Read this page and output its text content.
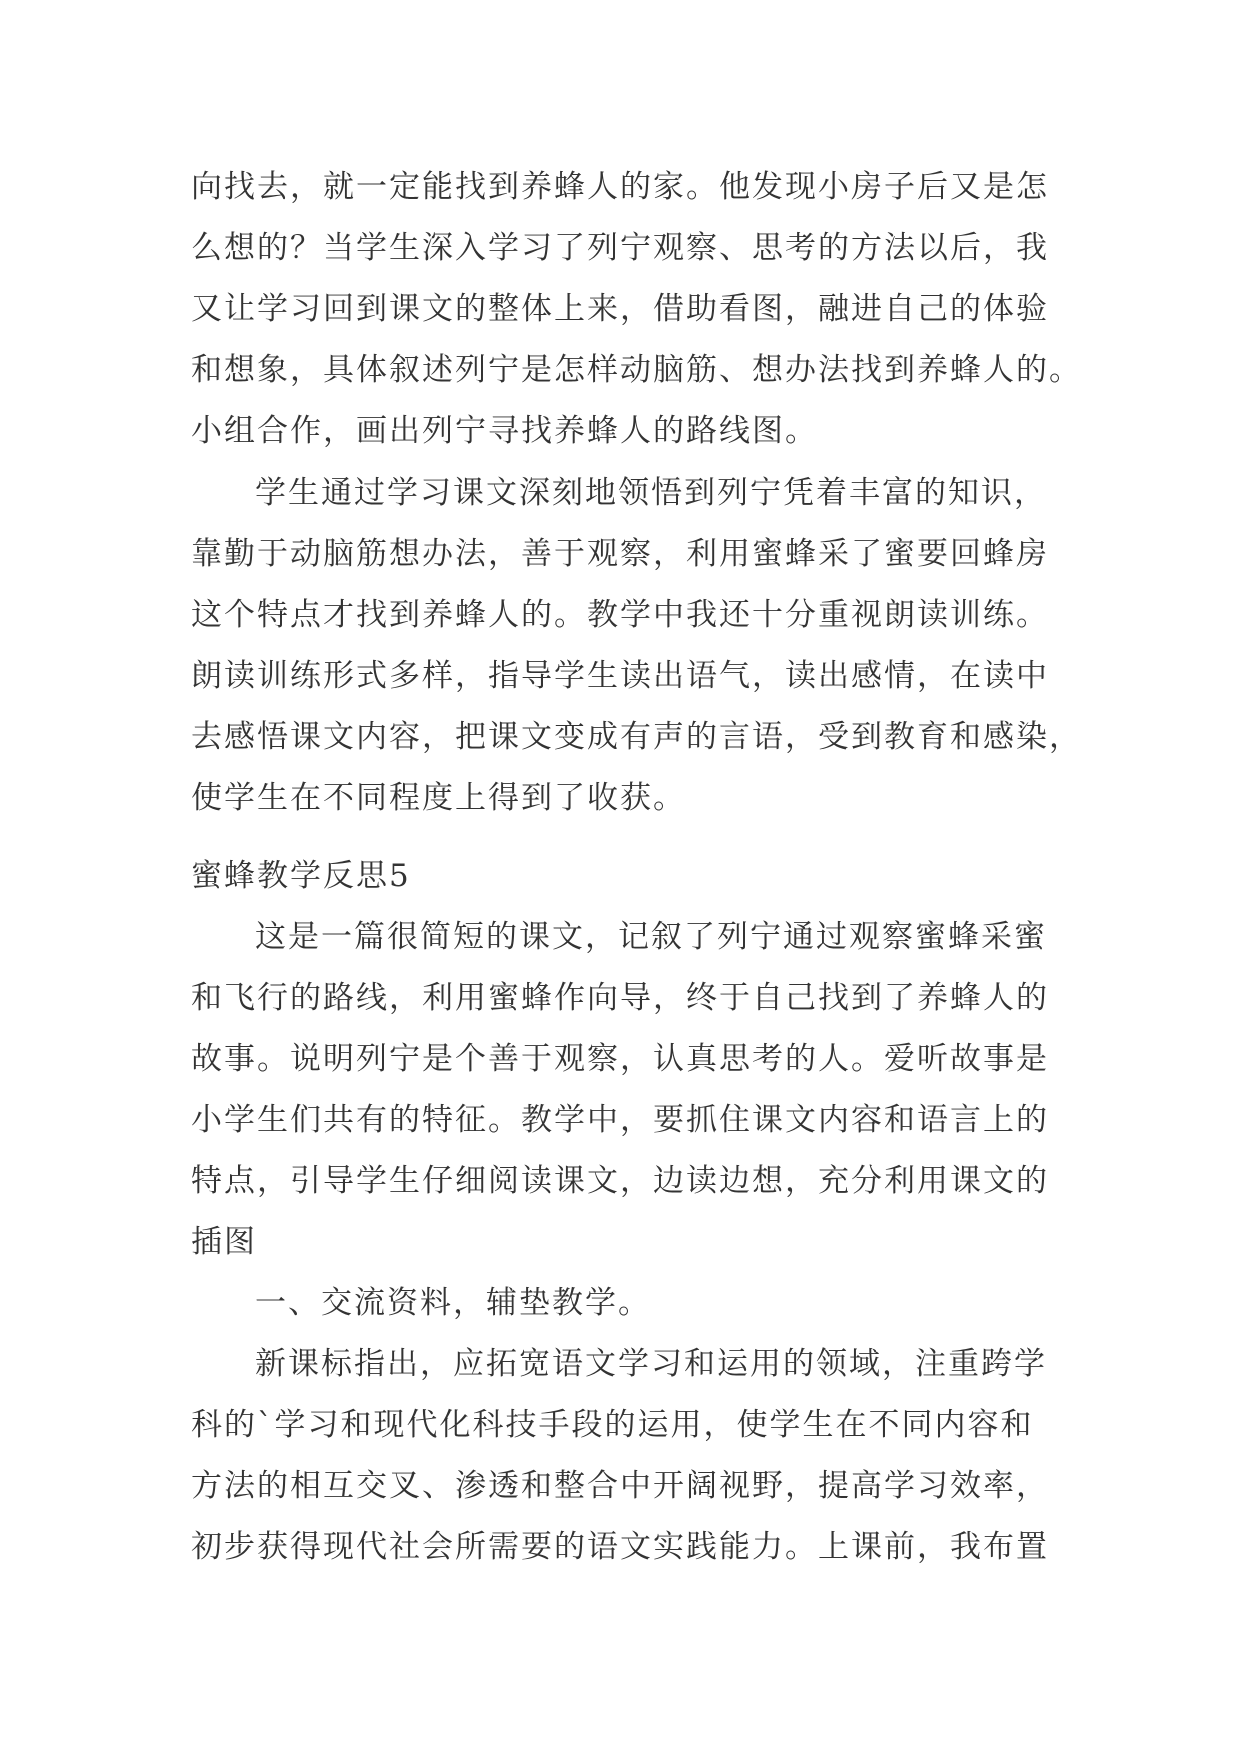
向找去，就一定能找到养蜂人的家。他发现小房子后又是怎
么想的？当学生深入学习了列宁观察、思考的方法以后，我
又让学习回到课文的整体上来，借助看图，融进自己的体验
和想象，具体叙述列宁是怎样动脑筋、想办法找到养蜂人的。
小组合作，画出列宁寻找养蜂人的路线图。
学生通过学习课文深刻地领悟到列宁凭着丰富的知识，
靠勤于动脑筋想办法，善于观察，利用蜜蜂采了蜜要回蜂房
这个特点才找到养蜂人的。教学中我还十分重视朗读训练。
朗读训练形式多样，指导学生读出语气，读出感情，在读中
去感悟课文内容，把课文变成有声的言语，受到教育和感染，
使学生在不同程度上得到了收获。
蜜蜂教学反思5
这是一篇很简短的课文，记叙了列宁通过观察蜜蜂采蜜
和飞行的路线，利用蜜蜂作向导，终于自己找到了养蜂人的
故事。说明列宁是个善于观察，认真思考的人。爱听故事是
小学生们共有的特征。教学中，要抓住课文内容和语言上的
特点，引导学生仔细阅读课文，边读边想，充分利用课文的
插图
一、交流资料，辅垫教学。
新课标指出，应拓宽语文学习和运用的领域，注重跨学
科的`学习和现代化科技手段的运用，使学生在不同内容和
方法的相互交叉、渗透和整合中开阔视野，提高学习效率，
初步获得现代社会所需要的语文实践能力。上课前，我布置
